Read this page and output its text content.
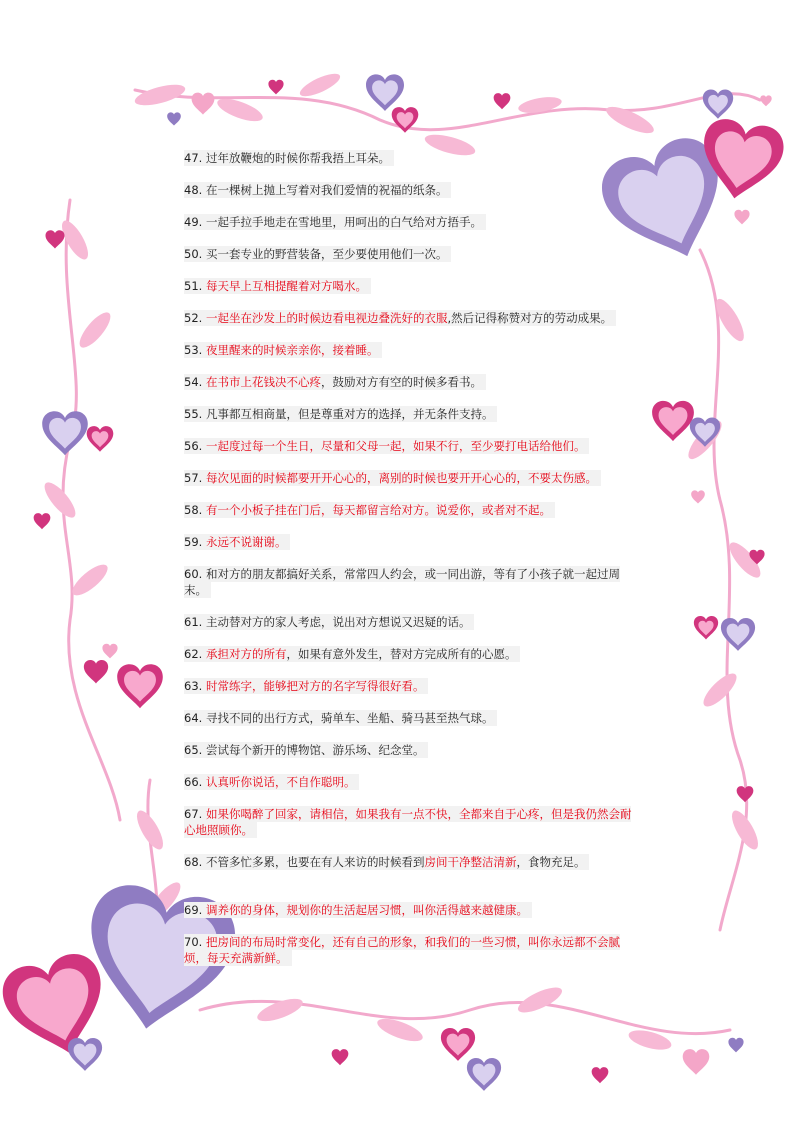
47. 过年放鞭炮的时候你帮我捂上耳朵。

48. 在一棵树上抛上写着对我们爱情的祝福的纸条。

49. 一起手拉手地走在雪地里，用呵出的白气给对方捂手。

50. 买一套专业的野营装备，至少要使用他们一次。

51. 每天早上互相提醒着对方喝水。

52. 一起坐在沙发上的时候边看电视边叠洗好的衣服,然后记得称赞对方的劳动成果。

53. 夜里醒来的时候亲亲你，接着睡。

54. 在书市上花钱决不心疼，鼓励对方有空的时候多看书。

55. 凡事都互相商量，但是尊重对方的选择，并无条件支持。

56. 一起度过每一个生日，尽量和父母一起，如果不行，至少要打电话给他们。

57. 每次见面的时候都要开开心心的，离别的时候也要开开心心的，不要太伤感。

58. 有一个小板子挂在门后，每天都留言给对方。说爱你，或者对不起。

59. 永远不说谢谢。

60. 和对方的朋友都搞好关系，常常四人约会，或一同出游，等有了小孩子就一起过周末。

61. 主动替对方的家人考虑，说出对方想说又迟疑的话。

62. 承担对方的所有，如果有意外发生，替对方完成所有的心愿。

63. 时常练字，能够把对方的名字写得很好看。

64. 寻找不同的出行方式，骑单车、坐船、骑马甚至热气球。

65. 尝试每个新开的博物馆、游乐场、纪念堂。

66. 认真听你说话，不自作聪明。

67. 如果你喝醉了回家，请相信，如果我有一点不快，全都来自于心疼，但是我仍然会耐心地照顾你。

68. 不管多忙多累，也要在有人来访的时候看到房间干净整洁清新，食物充足。

69. 调养你的身体，规划你的生活起居习惯，叫你活得越来越健康。

70. 把房间的布局时常变化，还有自己的形象，和我们的一些习惯，叫你永远都不会腻烦，每天充满新鲜。
